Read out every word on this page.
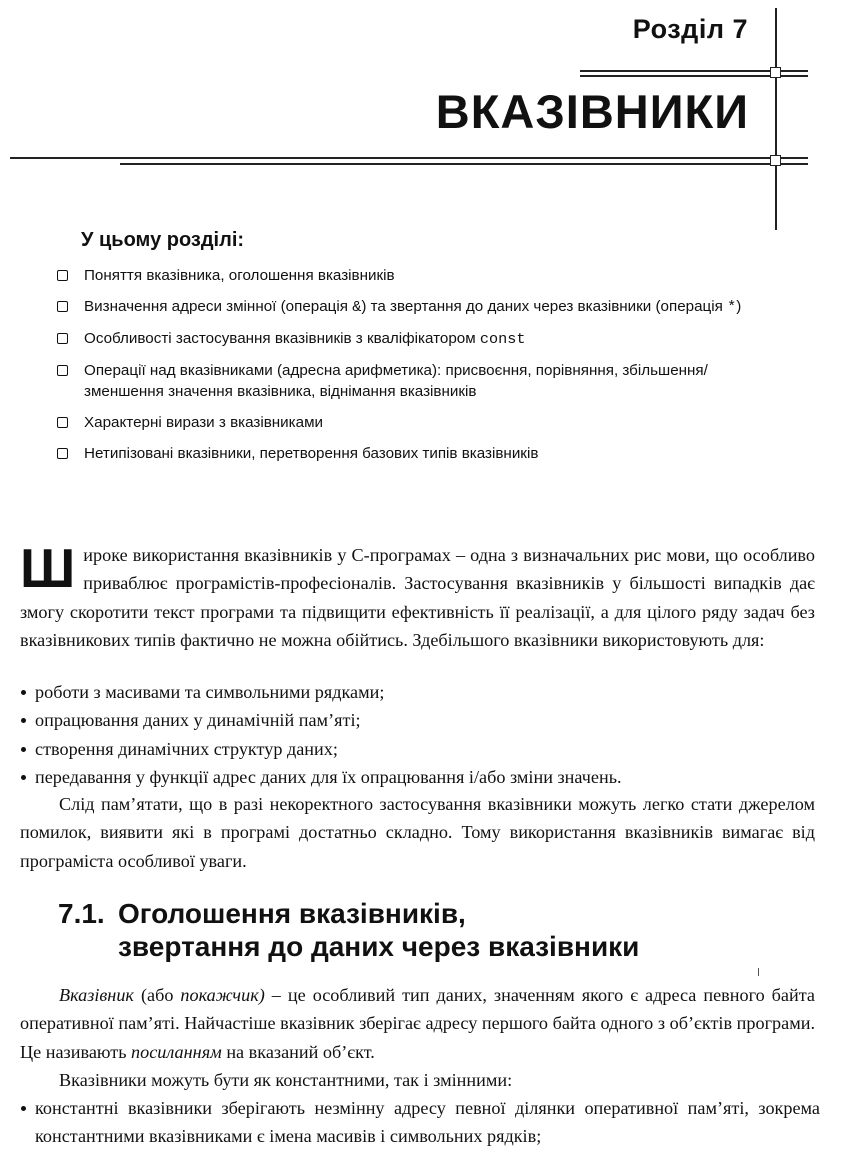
Розділ 7
ВКАЗІВНИКИ
У цьому розділі:
Поняття вказівника, оголошення вказівників
Визначення адреси змінної (операція &) та звертання до даних через вказівники (операція *)
Особливості застосування вказівників з кваліфікатором const
Операції над вказівниками (адресна арифметика): присвоєння, порівняння, збільшення/зменшення значення вказівника, віднімання вказівників
Характерні вирази з вказівниками
Нетипізовані вказівники, перетворення базових типів вказівників
Широке використання вказівників у С-програмах – одна з визначальних рис мови, що особливо приваблює програмістів-професіоналів. Застосування вказівників у більшості випадків дає змогу скоротити текст програми та підвищити ефективність її реалізації, а для цілого ряду задач без вказівникових типів фактично не можна обійтись. Здебільшого вказівники використовують для:
роботи з масивами та символьними рядками;
опрацювання даних у динамічній пам’яті;
створення динамічних структур даних;
передавання у функції адрес даних для їх опрацювання і/або зміни значень.
Слід пам’ятати, що в разі некоректного застосування вказівники можуть легко стати джерелом помилок, виявити які в програмі достатньо складно. Тому використання вказівників вимагає від програміста особливої уваги.
7.1. Оголошення вказівників,
звертання до даних через вказівники
Вказівник (або покажчик) – це особливий тип даних, значенням якого є адреса певного байта оперативної пам’яті. Найчастіше вказівник зберігає адресу першого байта одного з об’єктів програми. Це називають посиланням на вказаний об’єкт.
Вказівники можуть бути як константними, так і змінними:
константні вказівники зберігають незмінну адресу певної ділянки оперативної пам’яті, зокрема константними вказівниками є імена масивів і символьних рядків;
